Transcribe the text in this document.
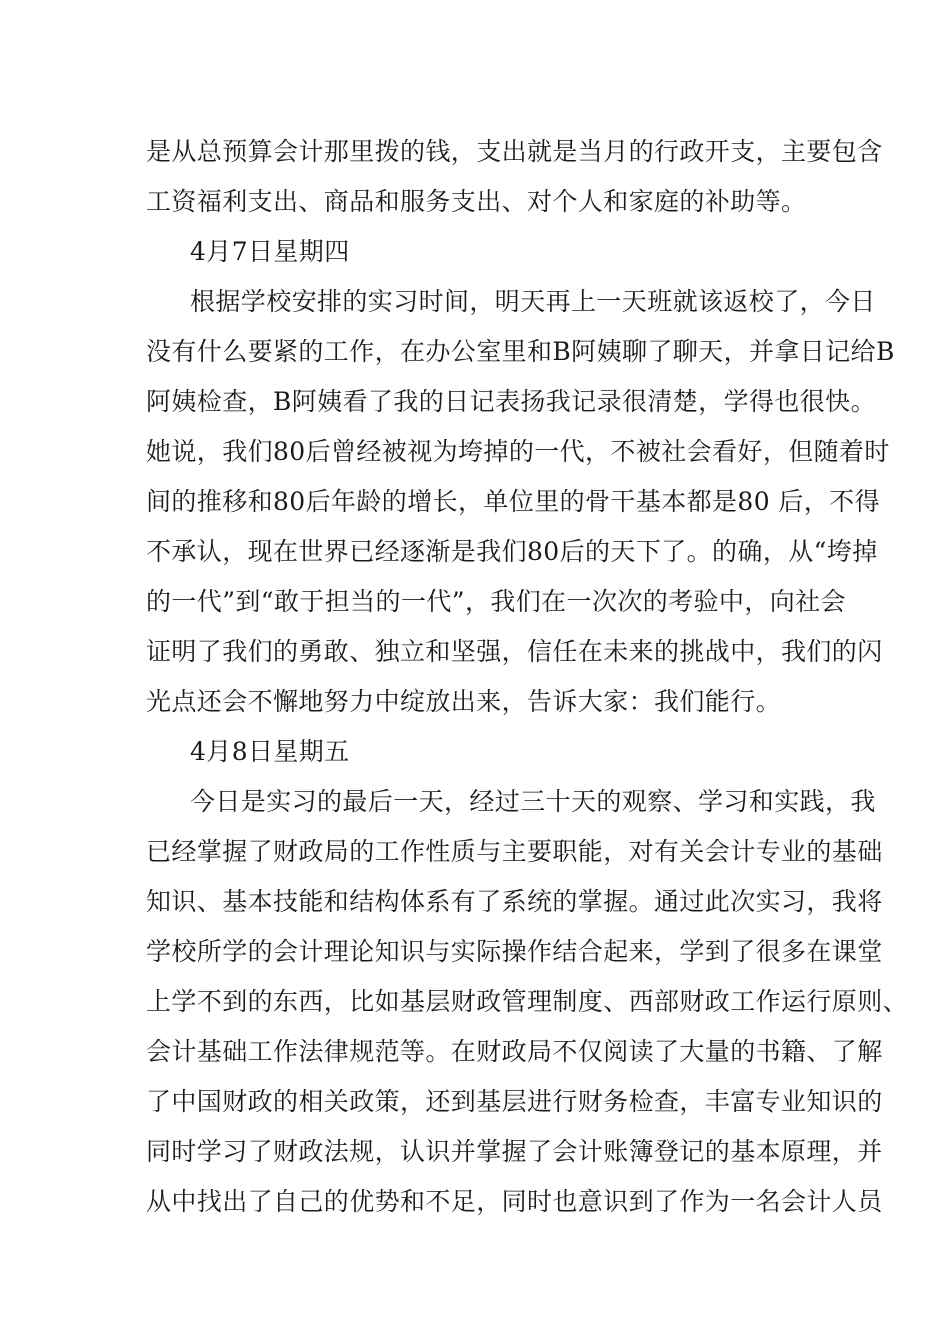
是从总预算会计那里拨的钱，支出就是当月的行政开支，主要包含
工资福利支出、商品和服务支出、对个人和家庭的补助等。
4月7日星期四
根据学校安排的实习时间，明天再上一天班就该返校了，今日
没有什么要紧的工作，在办公室里和B阿姨聊了聊天，并拿日记给B
阿姨检查，B阿姨看了我的日记表扬我记录很清楚，学得也很快。
她说，我们80后曾经被视为垮掉的一代，不被社会看好，但随着时
间的推移和80后年龄的增长，单位里的骨干基本都是80 后，不得
不承认，现在世界已经逐渐是我们80后的天下了。的确，从“垮掉
的一代”到“敢于担当的一代”，我们在一次次的考验中，向社会
证明了我们的勇敢、独立和坚强，信任在未来的挑战中，我们的闪
光点还会不懈地努力中绽放出来，告诉大家：我们能行。
4月8日星期五
今日是实习的最后一天，经过三十天的观察、学习和实践，我
已经掌握了财政局的工作性质与主要职能，对有关会计专业的基础
知识、基本技能和结构体系有了系统的掌握。通过此次实习，我将
学校所学的会计理论知识与实际操作结合起来，学到了很多在课堂
上学不到的东西，比如基层财政管理制度、西部财政工作运行原则、
会计基础工作法律规范等。在财政局不仅阅读了大量的书籍、了解
了中国财政的相关政策，还到基层进行财务检查，丰富专业知识的
同时学习了财政法规，认识并掌握了会计账簿登记的基本原理，并
从中找出了自己的优势和不足，同时也意识到了作为一名会计人员
